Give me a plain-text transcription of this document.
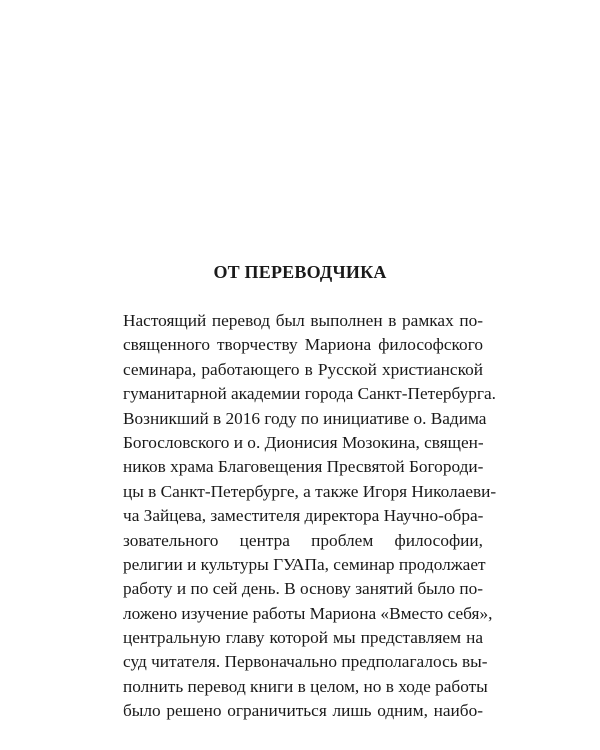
ОТ ПЕРЕВОДЧИКА
Настоящий перевод был выполнен в рамках по-
священного творчеству Мариона философского
семинара, работающего в Русской христианской
гуманитарной академии города Санкт-Петербурга.
Возникший в 2016 году по инициативе о. Вадима
Богословского и о. Дионисия Мозокина, священ-
ников храма Благовещения Пресвятой Богороди-
цы в Санкт-Петербурге, а также Игоря Николаеви-
ча Зайцева, заместителя директора Научно-обра-
зовательного центра проблем философии,
религии и культуры ГУАПа, семинар продолжает
работу и по сей день. В основу занятий было по-
ложено изучение работы Мариона «Вместо себя»,
центральную главу которой мы представляем на
суд читателя. Первоначально предполагалось вы-
полнить перевод книги в целом, но в ходе работы
было решено ограничиться лишь одним, наибо-
